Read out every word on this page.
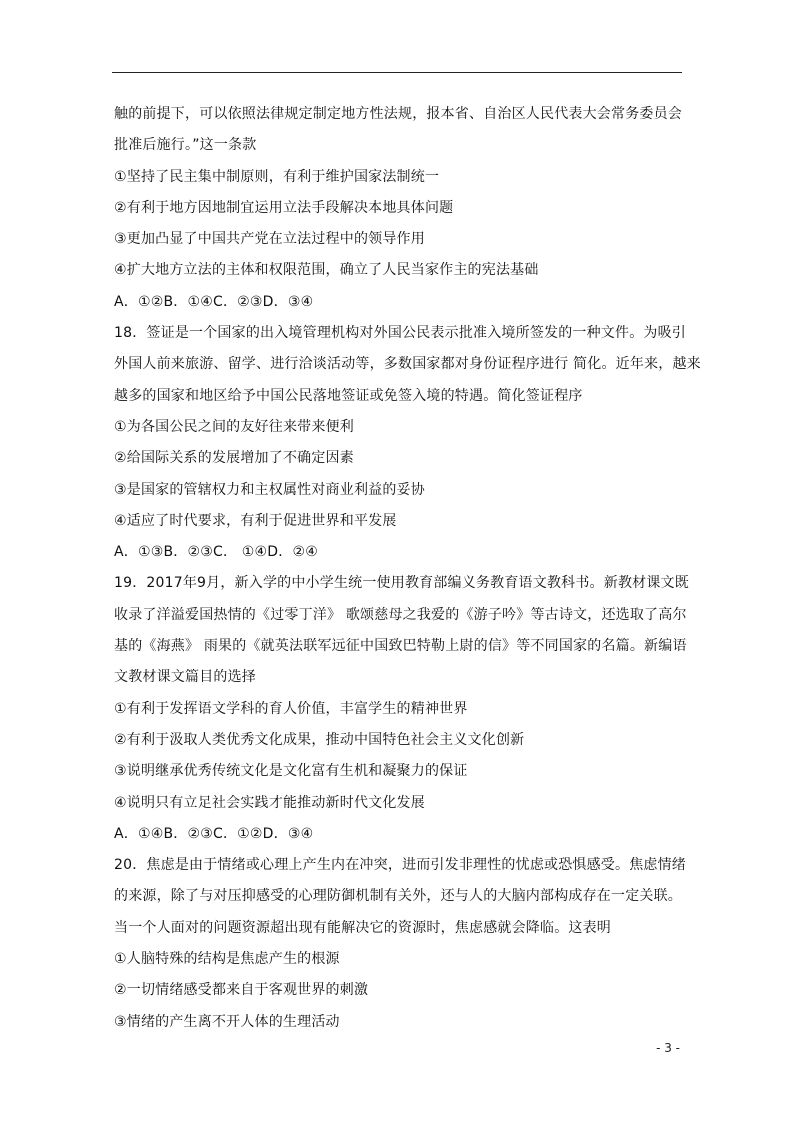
触的前提下，可以依照法律规定制定地方性法规，报本省、自治区人民代表大会常务委员会
批准后施行。”这一条款
①坚持了民主集中制原则，有利于维护国家法制统一
②有利于地方因地制宜运用立法手段解决本地具体问题
③更加凸显了中国共产党在立法过程中的领导作用
④扩大地方立法的主体和权限范围，确立了人民当家作主的宪法基础
A．①②B．①④C．②③D．③④
18．签证是一个国家的出入境管理机构对外国公民表示批准入境所签发的一种文件。为吸引
外国人前来旅游、留学、进行洽谈活动等，多数国家都对身份证程序进行 简化。近年来，越来
越多的国家和地区给予中国公民落地签证或免签入境的特遇。简化签证程序
①为各国公民之间的友好往来带来便利
②给国际关系的发展增加了不确定因素
③是国家的管辖权力和主权属性对商业利益的妥协
④适应了时代要求，有利于促进世界和平发展
A．①③B．②③C． ①④D．②④
19．2017年9月，新入学的中小学生统一使用教育部编义务教育语文教科书。新教材课文既
收录了洋溢爱国热情的《过零丁洋》 歌颂慈母之我爱的《游子吟》等古诗文，还选取了高尔
基的《海燕》 雨果的《就英法联军远征中国致巴特勒上尉的信》等不同国家的名篇。新编语
文教材课文篇目的选择
①有利于发挥语文学科的育人价值，丰富学生的精神世界
②有利于汲取人类优秀文化成果，推动中国特色社会主义文化创新
③说明继承优秀传统文化是文化富有生机和凝聚力的保证
④说明只有立足社会实践才能推动新时代文化发展
A．①④B．②③C．①②D．③④
20．焦虑是由于情绪或心理上产生内在冲突，进而引发非理性的忧虑或恐惧感受。焦虑情绪
的来源，除了与对压抑感受的心理防御机制有关外，还与人的大脑内部构成存在一定关联。
当一个人面对的问题资源超出现有能解决它的资源时，焦虑感就会降临。这表明
①人脑特殊的结构是焦虑产生的根源
②一切情绪感受都来自于客观世界的刺激
③情绪的产生离不开人体的生理活动
- 3 -
